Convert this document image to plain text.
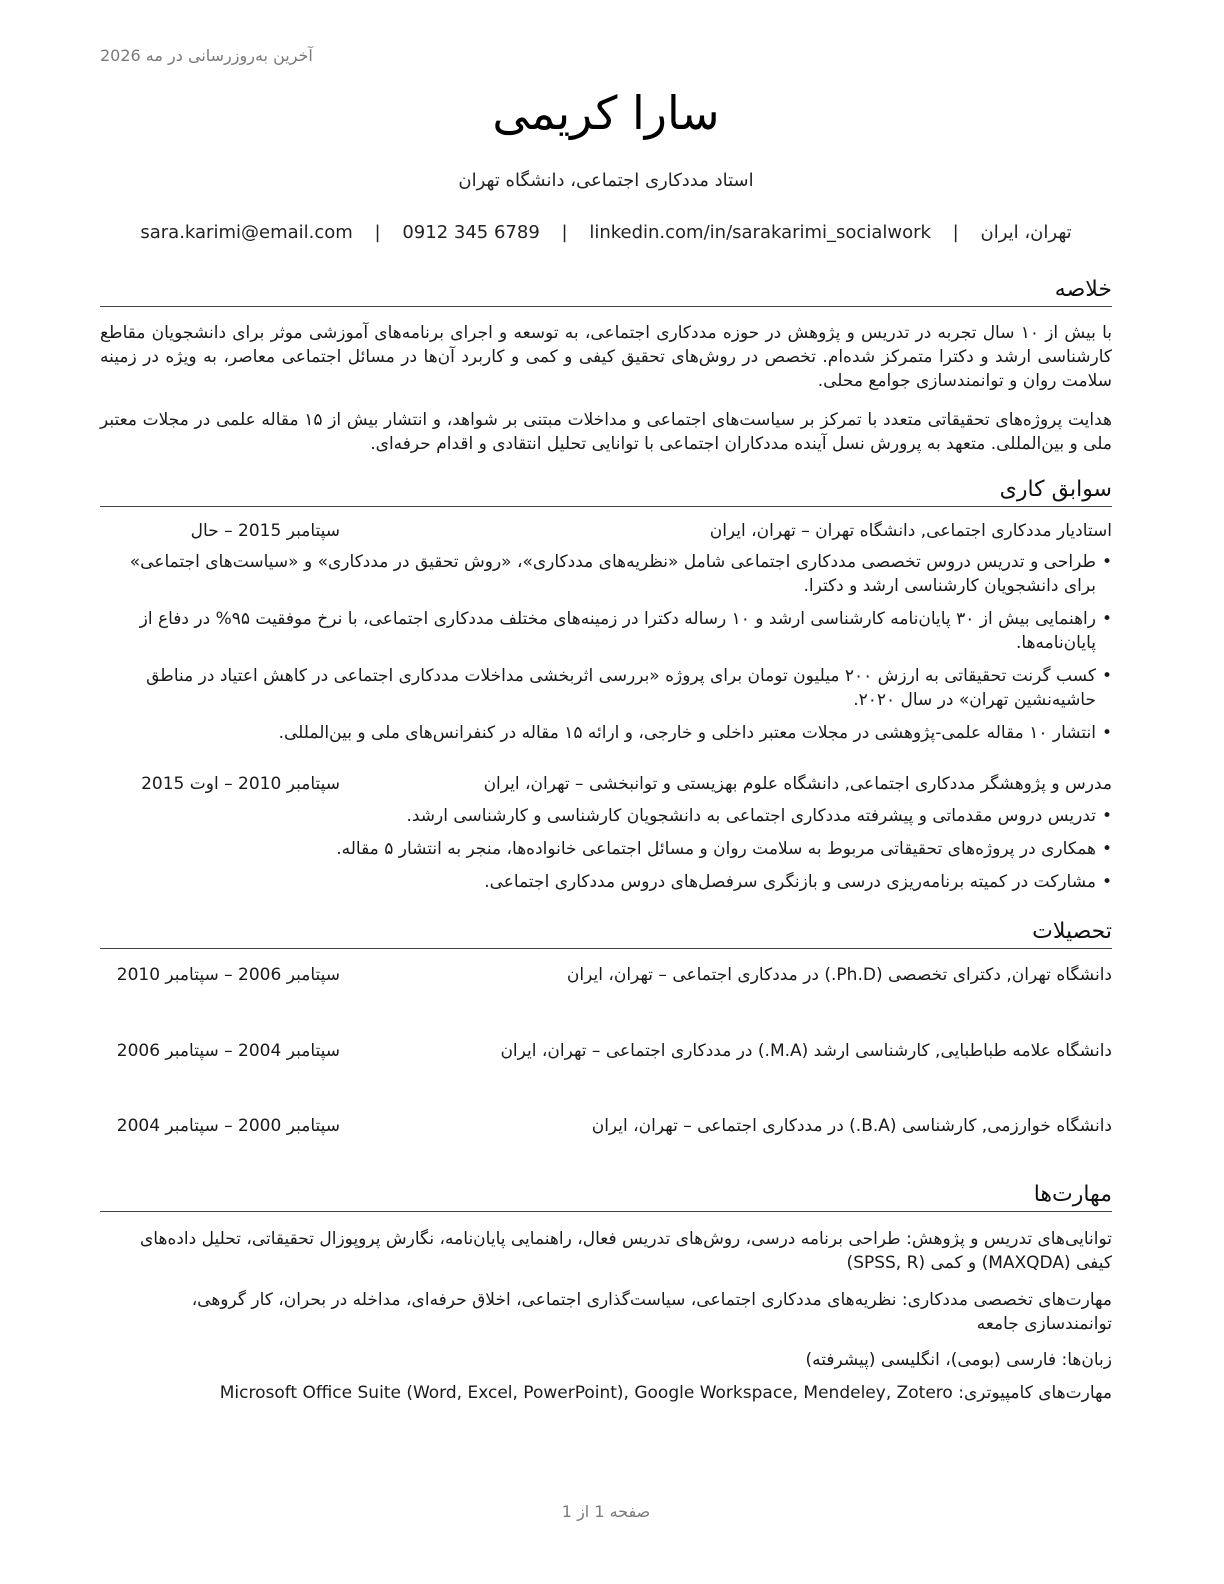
آخرین به‌روزرسانی در مه 2026
سارا کریمی
استاد مددکاری اجتماعی، دانشگاه تهران
تهران، ایران | sara.karimi@email.com | 0912 345 6789 | linkedin.com/in/sarakarimi_socialwork
خلاصه
با بیش از ۱۰ سال تجربه در تدریس و پژوهش در حوزه مددکاری اجتماعی، به توسعه و اجرای برنامه‌های آموزشی موثر برای دانشجویان مقاطع کارشناسی ارشد و دکترا متمرکز شده‌ام. تخصص در روش‌های تحقیق کیفی و کمی و کاربرد آن‌ها در مسائل اجتماعی معاصر، به ویژه در زمینه سلامت روان و توانمندسازی جوامع محلی.
هدایت پروژه‌های تحقیقاتی متعدد با تمرکز بر سیاست‌های اجتماعی و مداخلات مبتنی بر شواهد، و انتشار بیش از ۱۵ مقاله علمی در مجلات معتبر ملی و بین‌المللی. متعهد به پرورش نسل آینده مددکاران اجتماعی با توانایی تحلیل انتقادی و اقدام حرفه‌ای.
سوابق کاری
استادیار مددکاری اجتماعی, دانشگاه تهران – تهران، ایران
سپتامبر 2015 – حال
• طراحی و تدریس دروس تخصصی مددکاری اجتماعی شامل «نظریه‌های مددکاری»، «روش تحقیق در مددکاری» و «سیاست‌های اجتماعی» برای دانشجویان کارشناسی ارشد و دکترا.
• راهنمایی بیش از ۳۰ پایان‌نامه کارشناسی ارشد و ۱۰ رساله دکترا در زمینه‌های مختلف مددکاری اجتماعی، با نرخ موفقیت ۹۵% در دفاع از پایان‌نامه‌ها.
• کسب گرنت تحقیقاتی به ارزش ۲۰۰ میلیون تومان برای پروژه «بررسی اثربخشی مداخلات مددکاری اجتماعی در کاهش اعتیاد در مناطق حاشیه‌نشین تهران» در سال ۲۰۲۰.
• انتشار ۱۰ مقاله علمی-پژوهشی در مجلات معتبر داخلی و خارجی، و ارائه ۱۵ مقاله در کنفرانس‌های ملی و بین‌المللی.
مدرس و پژوهشگر مددکاری اجتماعی, دانشگاه علوم بهزیستی و توانبخشی – تهران، ایران
سپتامبر 2010 – اوت 2015
• تدریس دروس مقدماتی و پیشرفته مددکاری اجتماعی به دانشجویان کارشناسی و کارشناسی ارشد.
• همکاری در پروژه‌های تحقیقاتی مربوط به سلامت روان و مسائل اجتماعی خانواده‌ها، منجر به انتشار ۵ مقاله.
• مشارکت در کمیته برنامه‌ریزی درسی و بازنگری سرفصل‌های دروس مددکاری اجتماعی.
تحصیلات
دانشگاه تهران, دکترای تخصصی (Ph.D.) در مددکاری اجتماعی – تهران، ایران
سپتامبر 2006 – سپتامبر 2010
دانشگاه علامه طباطبایی, کارشناسی ارشد (M.A.) در مددکاری اجتماعی – تهران، ایران
سپتامبر 2004 – سپتامبر 2006
دانشگاه خوارزمی, کارشناسی (B.A.) در مددکاری اجتماعی – تهران، ایران
سپتامبر 2000 – سپتامبر 2004
مهارت‌ها
توانایی‌های تدریس و پژوهش: طراحی برنامه درسی، روش‌های تدریس فعال، راهنمایی پایان‌نامه، نگارش پروپوزال تحقیقاتی، تحلیل داده‌های کیفی (MAXQDA) و کمی (SPSS, R)
مهارت‌های تخصصی مددکاری: نظریه‌های مددکاری اجتماعی، سیاست‌گذاری اجتماعی، اخلاق حرفه‌ای، مداخله در بحران، کار گروهی، توانمندسازی جامعه
زبان‌ها: فارسی (بومی)، انگلیسی (پیشرفته)
مهارت‌های کامپیوتری: Microsoft Office Suite (Word, Excel, PowerPoint), Google Workspace, Mendeley, Zotero
صفحه 1 از 1
